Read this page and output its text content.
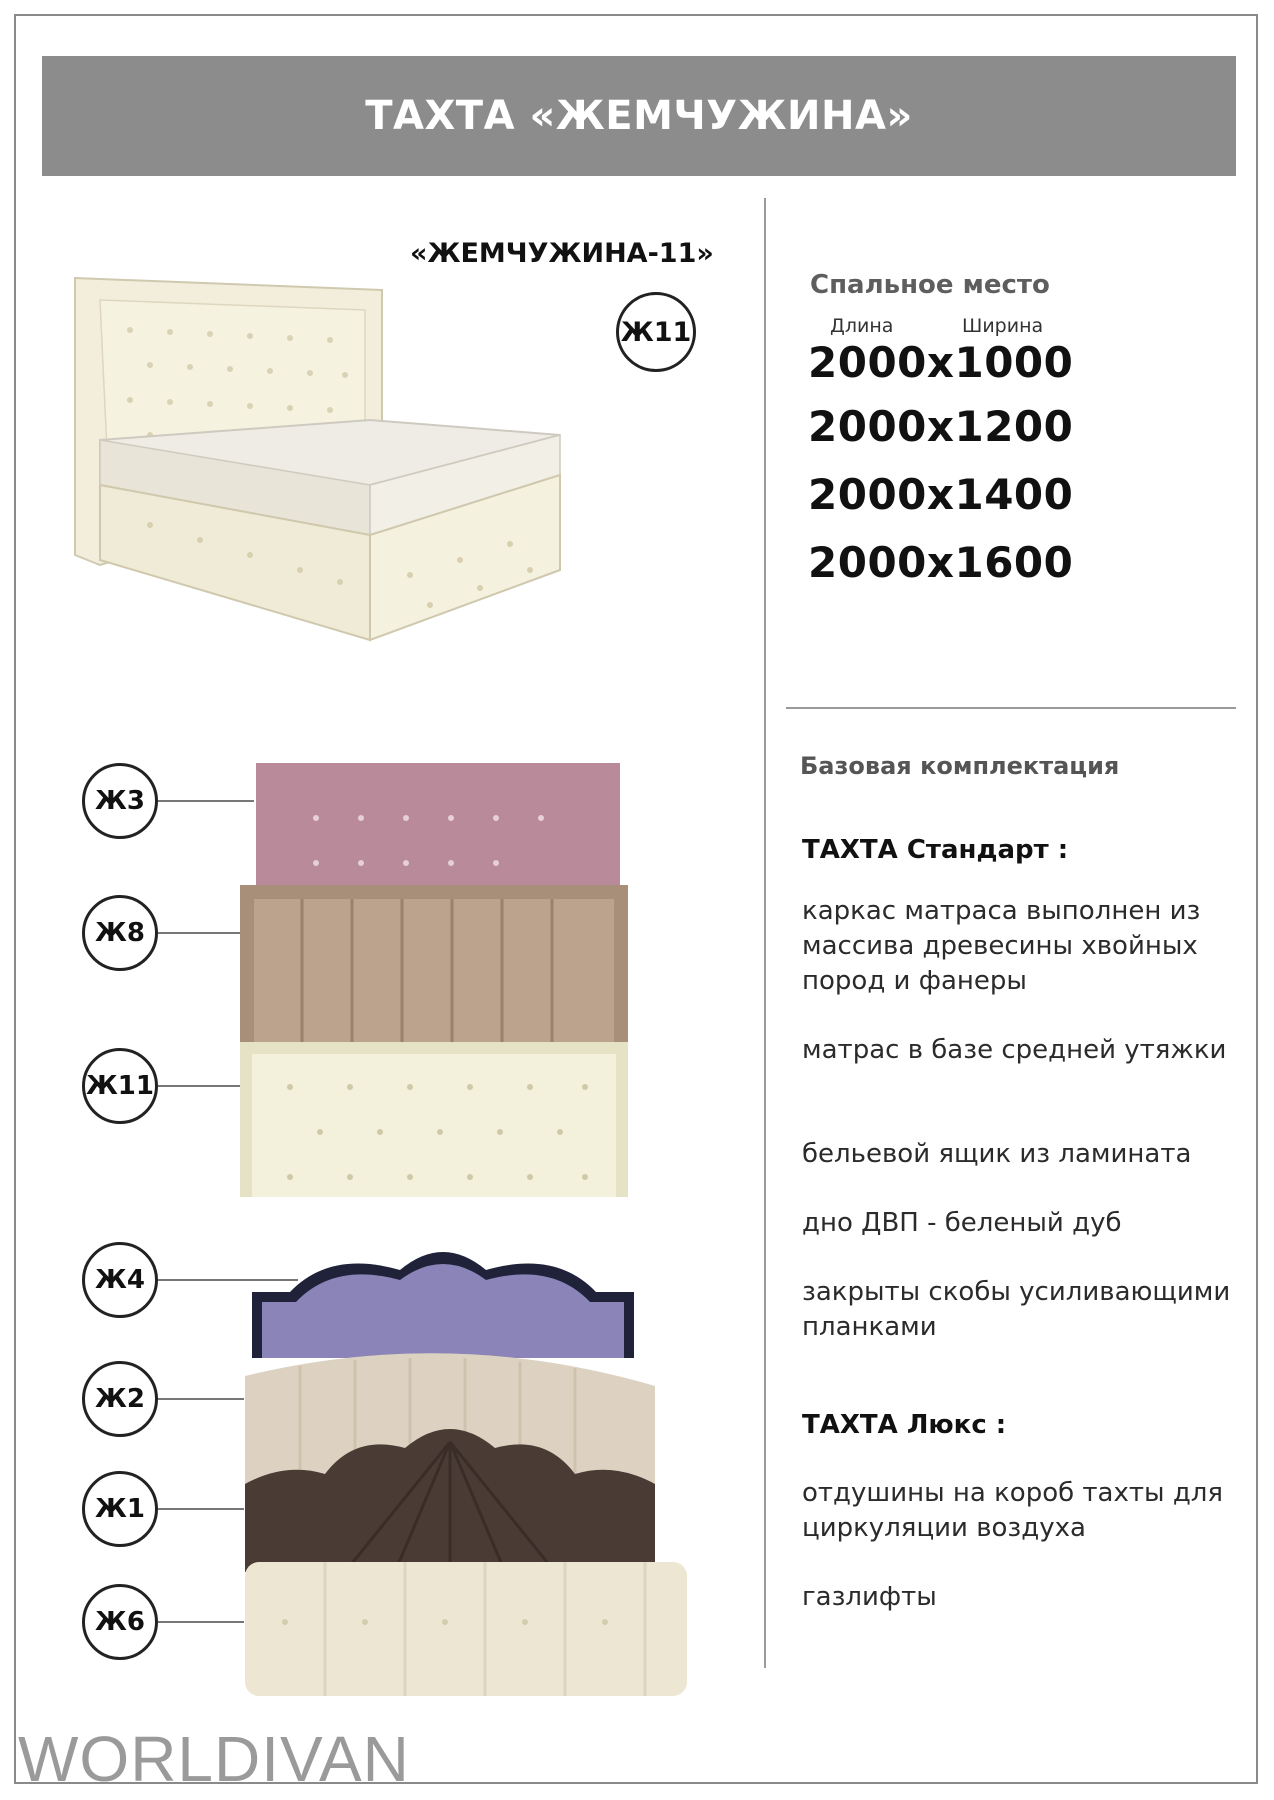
ТАХТА «ЖЕМЧУЖИНА»
«ЖЕМЧУЖИНА-11»
Ж11
Спальное место
Длина	Ширина
2000х1000
2000х1200
2000х1400
2000х1600
Ж3
Ж8
Ж11
Ж4
Ж2
Ж1
Ж6
Базовая комплектация
ТАХТА Стандарт :
каркас матраса выполнен из массива древесины хвойных пород и фанеры
матрас в базе средней утяжки
бельевой ящик из ламината
дно ДВП - беленый дуб
закрыты скобы усиливающими планками
ТАХТА Люкс :
отдушины на короб тахты для циркуляции воздуха
газлифты
WORLDIVAN
